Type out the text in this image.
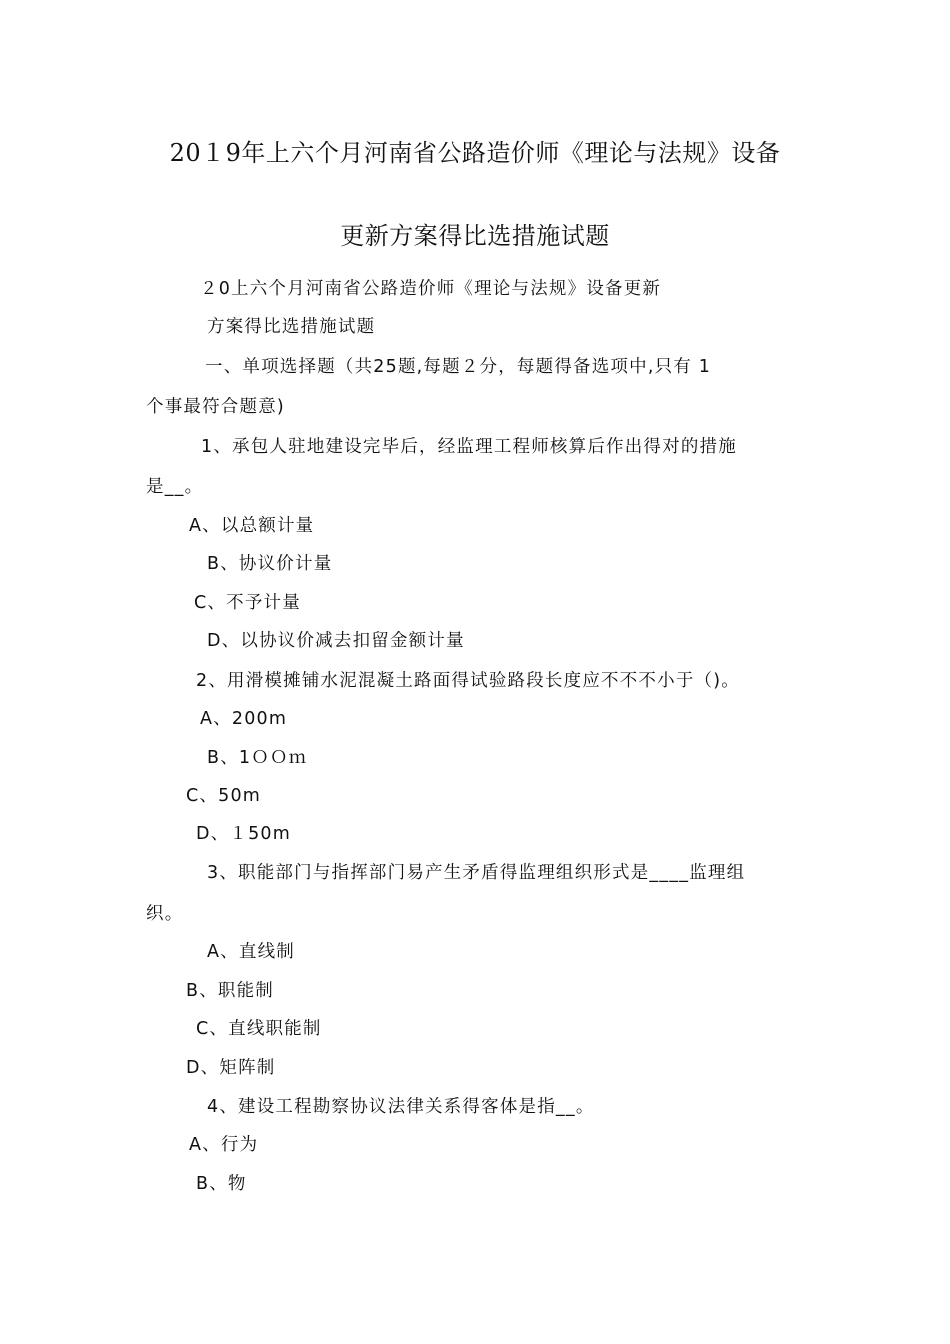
20１9年上六个月河南省公路造价师《理论与法规》设备
更新方案得比选措施试题
２0上六个月河南省公路造价师《理论与法规》设备更新
方案得比选措施试题
一、单项选择题（共25题,每题２分，每题得备选项中,只有 1
个事最符合题意)
1、承包人驻地建设完毕后，经监理工程师核算后作出得对的措施
是__。
A、以总额计量
B、协议价计量
C、不予计量
D、以协议价减去扣留金额计量
2、用滑模摊铺水泥混凝土路面得试验路段长度应不不不小于（)。
A、200m
B、1ＯＯｍ
C、50m
D、１50m
3、职能部门与指挥部门易产生矛盾得监理组织形式是____监理组
织。
A、直线制
B、职能制
C、直线职能制
D、矩阵制
4、建设工程勘察协议法律关系得客体是指__。
A、行为
B、物
